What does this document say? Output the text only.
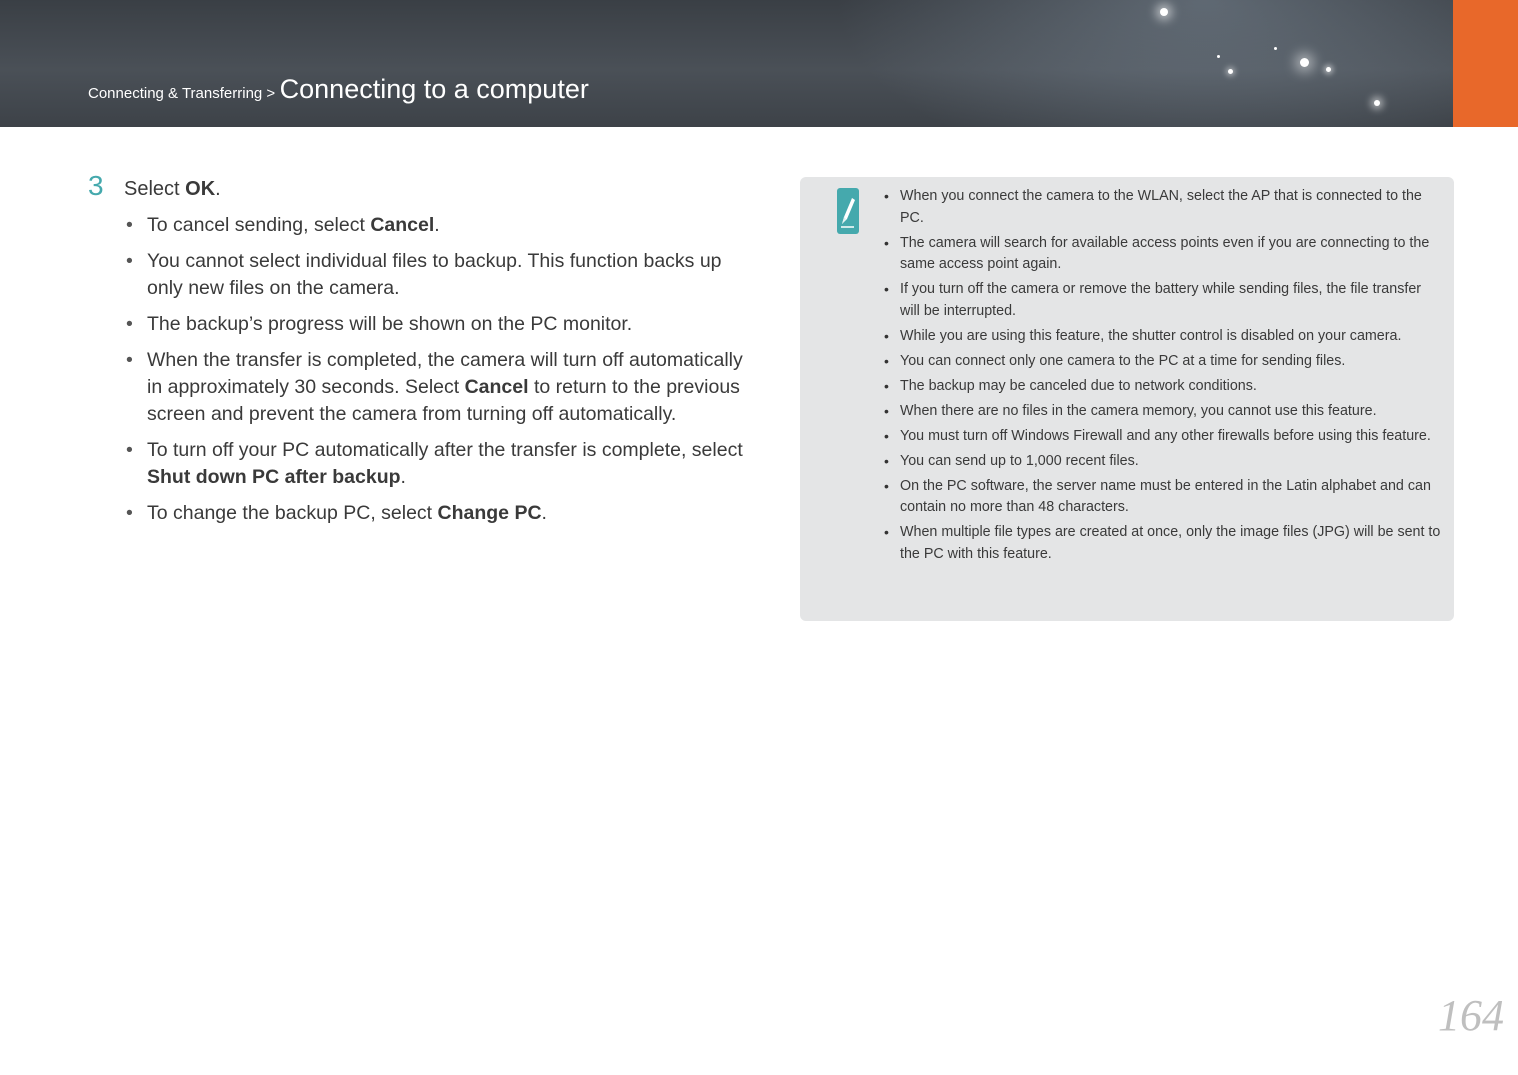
Connecting & Transferring > Connecting to a computer
3	Select OK.
• To cancel sending, select Cancel.
• You cannot select individual files to backup. This function backs up only new files on the camera.
• The backup’s progress will be shown on the PC monitor.
• When the transfer is completed, the camera will turn off automatically in approximately 30 seconds. Select Cancel to return to the previous screen and prevent the camera from turning off automatically.
• To turn off your PC automatically after the transfer is complete, select Shut down PC after backup.
• To change the backup PC, select Change PC.
• When you connect the camera to the WLAN, select the AP that is connected to the PC.
• The camera will search for available access points even if you are connecting to the same access point again.
• If you turn off the camera or remove the battery while sending files, the file transfer will be interrupted.
• While you are using this feature, the shutter control is disabled on your camera.
• You can connect only one camera to the PC at a time for sending files.
• The backup may be canceled due to network conditions.
• When there are no files in the camera memory, you cannot use this feature.
• You must turn off Windows Firewall and any other firewalls before using this feature.
• You can send up to 1,000 recent files.
• On the PC software, the server name must be entered in the Latin alphabet and can contain no more than 48 characters.
• When multiple file types are created at once, only the image files (JPG) will be sent to the PC with this feature.
164
